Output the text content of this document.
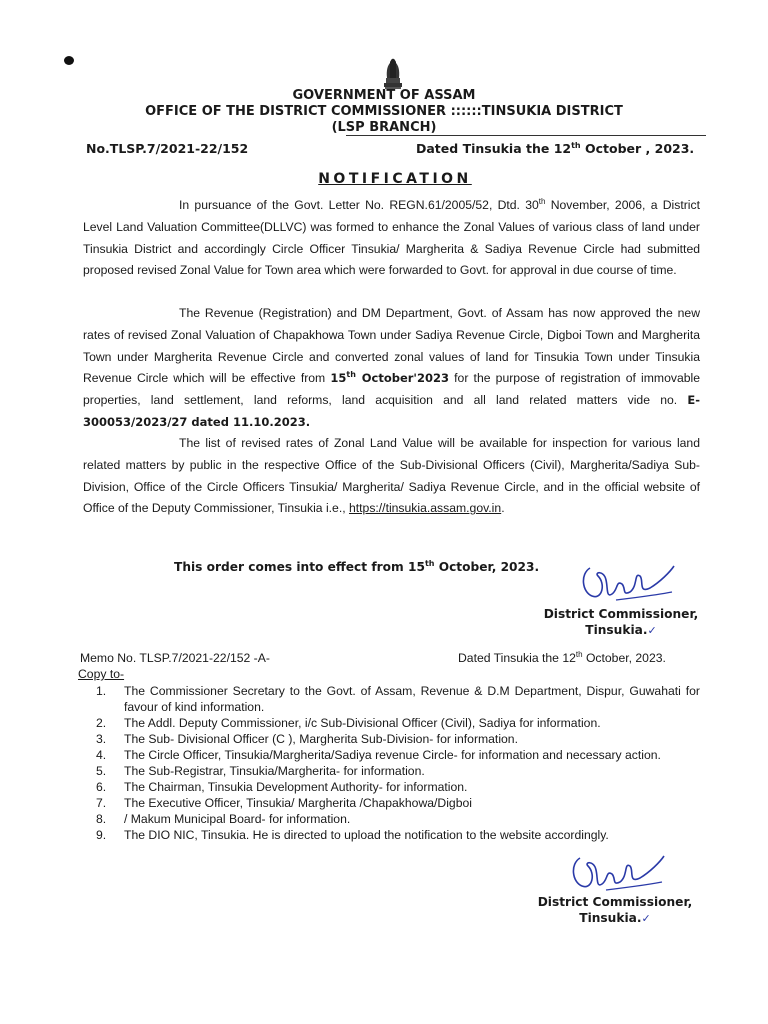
GOVERNMENT OF ASSAM
OFFICE OF THE DISTRICT COMMISSIONER ::::::TINSUKIA DISTRICT
(LSP BRANCH)
No.TLSP.7/2021-22/152	Dated Tinsukia the 12th October , 2023.
NOTIFICATION

In pursuance of the Govt. Letter No. REGN.61/2005/52, Dtd. 30th November, 2006, a District Level Land Valuation Committee(DLLVC) was formed to enhance the Zonal Values of various class of land under Tinsukia District and accordingly Circle Officer Tinsukia/ Margherita & Sadiya Revenue Circle had submitted proposed revised Zonal Value for Town area which were forwarded to Govt. for approval in due course of time.

The Revenue (Registration) and DM Department, Govt. of Assam has now approved the new rates of revised Zonal Valuation of Chapakhowa Town under Sadiya Revenue Circle, Digboi Town and Margherita Town under Margherita Revenue Circle and converted zonal values of land for Tinsukia Town under Tinsukia Revenue Circle which will be effective from 15th October'2023 for the purpose of registration of immovable properties, land settlement, land reforms, land acquisition and all land related matters vide no. E-300053/2023/27 dated 11.10.2023.

The list of revised rates of Zonal Land Value will be available for inspection for various land related matters by public in the respective Office of the Sub-Divisional Officers (Civil), Margherita/Sadiya Sub-Division, Office of the Circle Officers Tinsukia/ Margherita/ Sadiya Revenue Circle, and in the official website of Office of the Deputy Commissioner, Tinsukia i.e., https://tinsukia.assam.gov.in.

This order comes into effect from 15th October, 2023.
District Commissioner,
Tinsukia.✓
Memo No. TLSP.7/2021-22/152 -A-	Dated Tinsukia the 12th October, 2023.
Copy to-
1.	The Commissioner Secretary to the Govt. of Assam, Revenue & D.M Department, Dispur, Guwahati for favour of kind information.
2.	The Addl. Deputy Commissioner, i/c Sub-Divisional Officer (Civil), Sadiya for information.
3.	The Sub- Divisional Officer (C ), Margherita Sub-Division- for information.
4.	The Circle Officer, Tinsukia/Margherita/Sadiya revenue Circle- for information and necessary action.
5.	The Sub-Registrar, Tinsukia/Margherita- for information.
6.	The Chairman, Tinsukia Development Authority- for information.
7.	The Executive Officer, Tinsukia/ Margherita /Chapakhowa/Digboi
8.	/ Makum Municipal Board- for information.
9.	The DIO NIC, Tinsukia. He is directed to upload the notification to the website accordingly.
District Commissioner,
Tinsukia.✓
